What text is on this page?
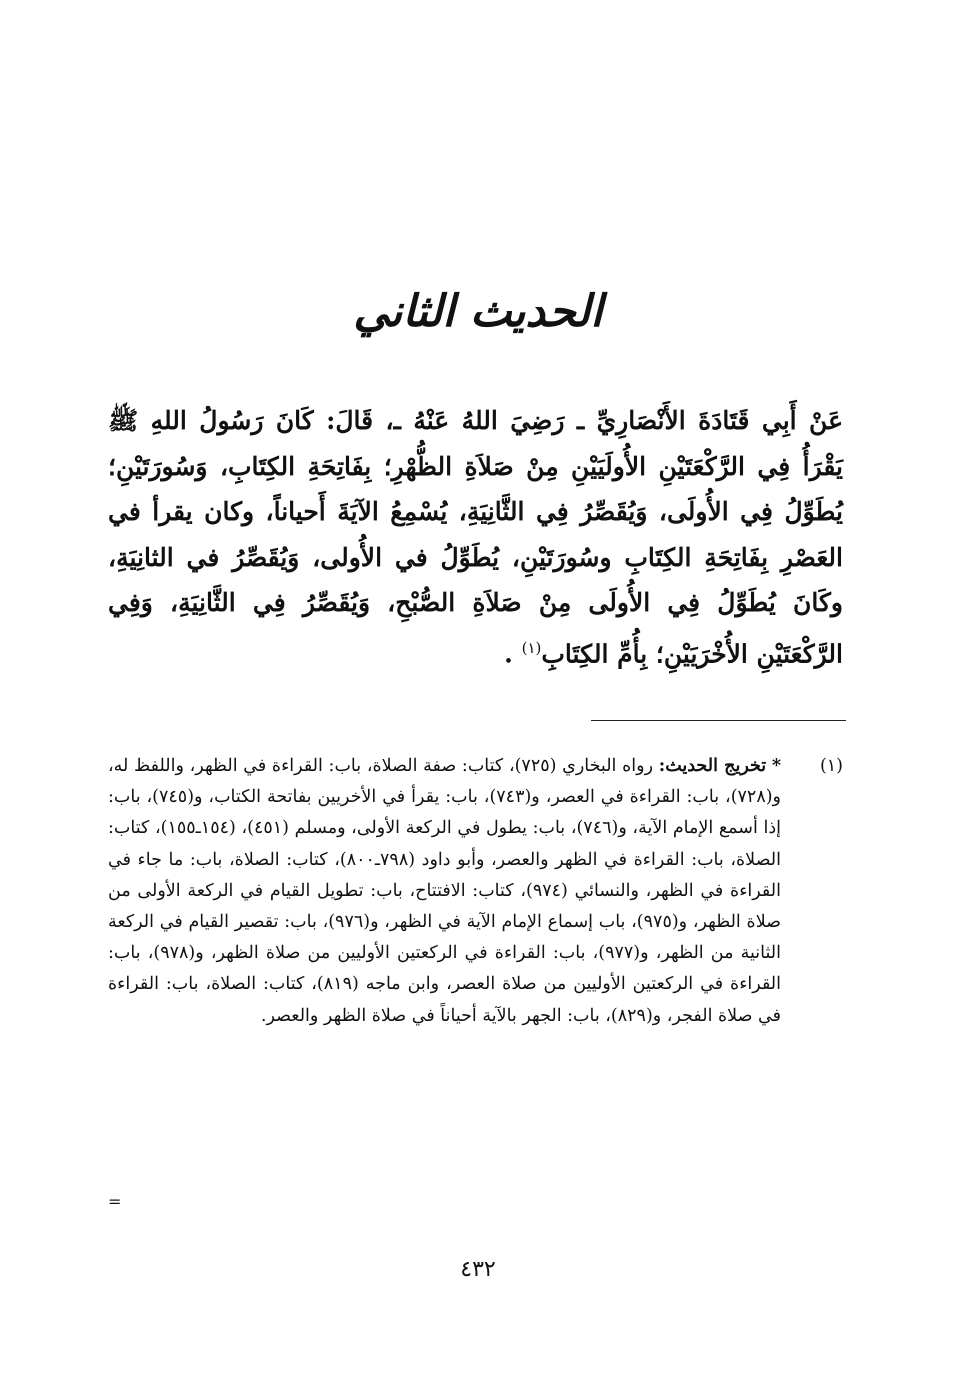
الحديث الثاني

عَنْ أَبِي قَتَادَةَ الأَنْصَارِيِّ ـ رَضِيَ اللهُ عَنْهُ ـ، قَالَ: كَانَ رَسُولُ اللهِ ﷺ يَقْرَأُ فِي الرَّكْعَتَيْنِ الأُولَيَيْنِ مِنْ صَلاَةِ الظُّهْرِ؛ بِفَاتِحَةِ الكِتَابِ، وَسُورَتَيْنِ؛ يُطَوِّلُ فِي الأُولَى، وَيُقَصِّرُ فِي الثَّانِيَةِ، يُسْمِعُ الآيَةَ أَحياناً، وكان يقرأ في العَصْرِ بِفَاتِحَةِ الكِتَابِ وسُورَتَيْنِ، يُطَوِّلُ في الأُولى، وَيُقَصِّرُ في الثانِيَةِ، وكَانَ يُطَوِّلُ فِي الأُولَى مِنْ صَلاَةِ الصُّبْحِ، وَيُقَصِّرُ فِي الثَّانِيَةِ، وَفِي الرَّكْعَتَيْنِ الأُخْرَيَيْنِ؛ بِأُمِّ الكِتَابِ$^{(١)}$ .

(١)

* تخريج الحديث: رواه البخاري (٧٢٥)، كتاب: صفة الصلاة، باب: القراءة في الظهر، واللفظ له، و(٧٢٨)، باب: القراءة في العصر، و(٧٤٣)، باب: يقرأ في الأخريين بفاتحة الكتاب، و(٧٤٥)، باب: إذا أسمع الإمام الآية، و(٧٤٦)، باب: يطول في الركعة الأولى، ومسلم (٤٥١)، (١٥٤ـ١٥٥)، كتاب: الصلاة، باب: القراءة في الظهر والعصر، وأبو داود (٧٩٨ـ٨٠٠)، كتاب: الصلاة، باب: ما جاء في القراءة في الظهر، والنسائي (٩٧٤)، كتاب: الافتتاح، باب: تطويل القيام في الركعة الأولى من صلاة الظهر، و(٩٧٥)، باب إسماع الإمام الآية في الظهر، و(٩٧٦)، باب: تقصير القيام في الركعة الثانية من الظهر، و(٩٧٧)، باب: القراءة في الركعتين الأوليين من صلاة الظهر، و(٩٧٨)، باب: القراءة في الركعتين الأوليين من صلاة العصر، وابن ماجه (٨١٩)، كتاب: الصلاة، باب: القراءة في صلاة الفجر، و(٨٢٩)، باب: الجهر بالآية أحياناً في صلاة الظهر والعصر.

=
٤٣٢
